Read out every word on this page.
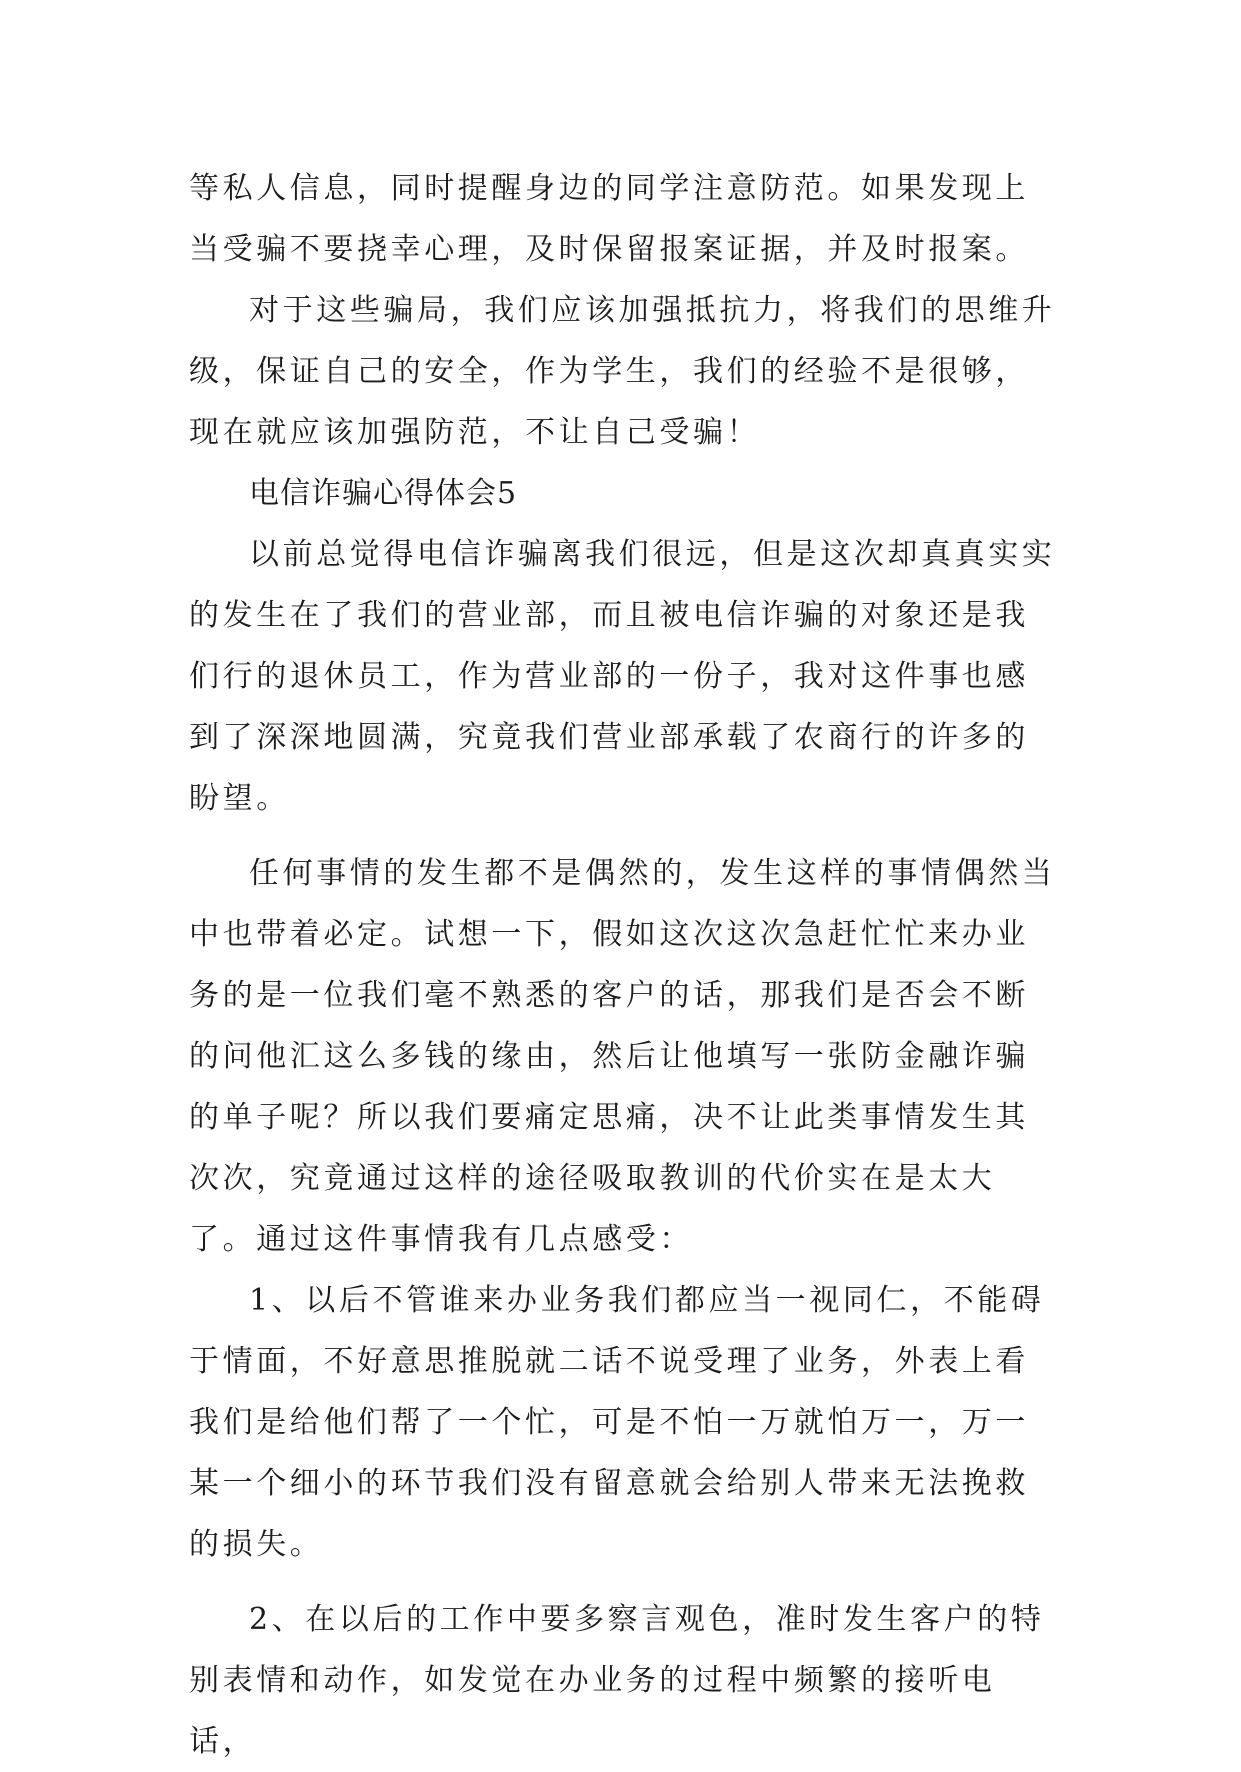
等私人信息，同时提醒身边的同学注意防范。如果发现上当受骗不要挠幸心理，及时保留报案证据，并及时报案。

对于这些骗局，我们应该加强抵抗力，将我们的思维升级，保证自己的安全，作为学生，我们的经验不是很够，现在就应该加强防范，不让自己受骗！

电信诈骗心得体会5

以前总觉得电信诈骗离我们很远，但是这次却真真实实的发生在了我们的营业部，而且被电信诈骗的对象还是我们行的退休员工，作为营业部的一份子，我对这件事也感到了深深地圆满，究竟我们营业部承载了农商行的许多的盼望。

任何事情的发生都不是偶然的，发生这样的事情偶然当中也带着必定。试想一下，假如这次这次急赶忙忙来办业务的是一位我们毫不熟悉的客户的话，那我们是否会不断的问他汇这么多钱的缘由，然后让他填写一张防金融诈骗的单子呢？所以我们要痛定思痛，决不让此类事情发生其次次，究竟通过这样的途径吸取教训的代价实在是太大了。通过这件事情我有几点感受：

1、以后不管谁来办业务我们都应当一视同仁，不能碍于情面，不好意思推脱就二话不说受理了业务，外表上看我们是给他们帮了一个忙，可是不怕一万就怕万一，万一某一个细小的环节我们没有留意就会给别人带来无法挽救的损失。

2、在以后的工作中要多察言观色，准时发生客户的特别表情和动作，如发觉在办业务的过程中频繁的接听电话，
